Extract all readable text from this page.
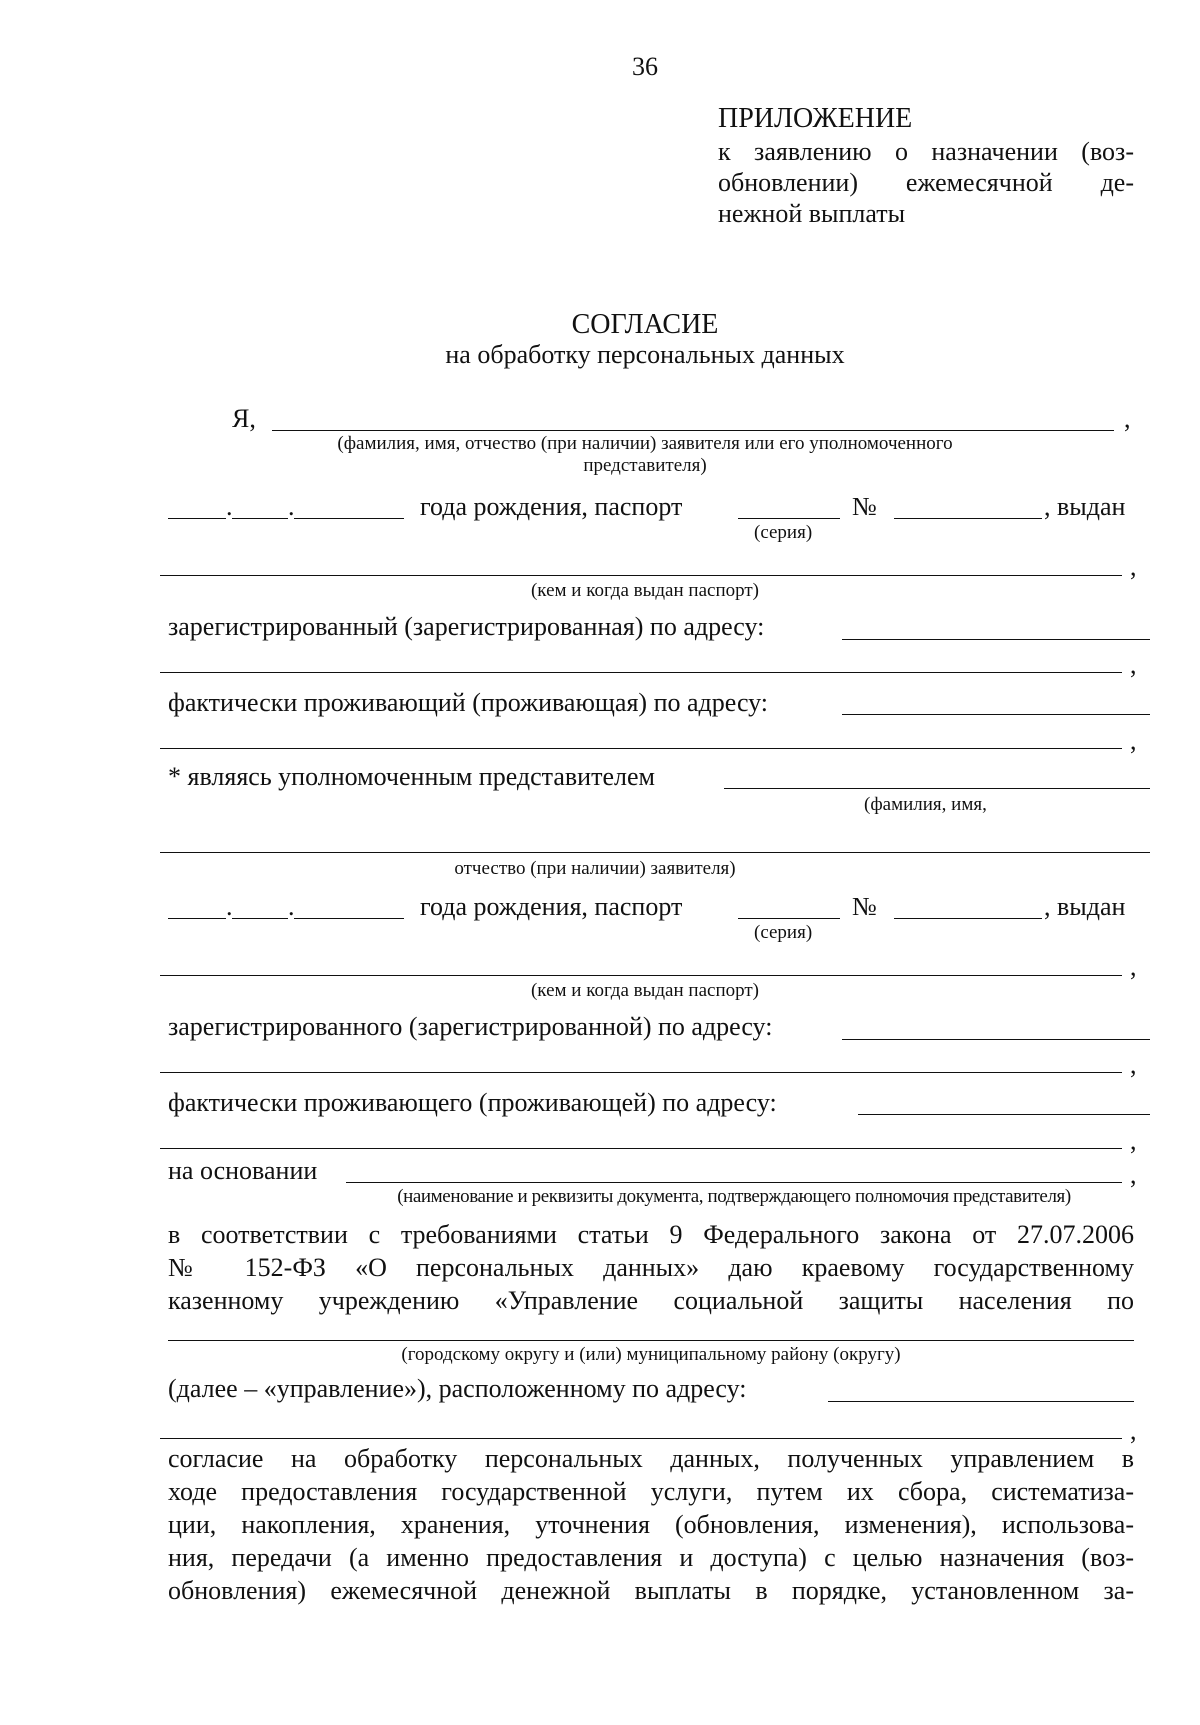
36
ПРИЛОЖЕНИЕ
к заявлению о назначении (воз-
обновлении) ежемесячной де-
нежной выплаты
СОГЛАСИЕ
на обработку персональных данных
Я,	,
(фамилия, имя, отчество (при наличии) заявителя или его уполномоченного
представителя)
. .	года рождения, паспорт	№	, выдан
(серия)
,
(кем и когда выдан паспорт)
зарегистрированный (зарегистрированная) по адресу:
,
фактически проживающий (проживающая) по адресу:
,
* являясь уполномоченным представителем
(фамилия, имя,
отчество (при наличии) заявителя)
. .	года рождения, паспорт	№	, выдан
(серия)
,
(кем и когда выдан паспорт)
зарегистрированного (зарегистрированной) по адресу:
,
фактически проживающего (проживающей) по адресу:
,
на основании	,
(наименование и реквизиты документа, подтверждающего полномочия представителя)
в соответствии с требованиями статьи 9 Федерального закона от 27.07.2006
№ 152-ФЗ «О персональных данных» даю краевому государственному
казенному учреждению «Управление социальной защиты населения по
(городскому округу и (или) муниципальному району (округу)
(далее – «управление»), расположенному по адресу:
,
согласие на обработку персональных данных, полученных управлением в
ходе предоставления государственной услуги, путем их сбора, систематиза-
ции, накопления, хранения, уточнения (обновления, изменения), использова-
ния, передачи (а именно предоставления и доступа) с целью назначения (воз-
обновления) ежемесячной денежной выплаты в порядке, установленном за-
